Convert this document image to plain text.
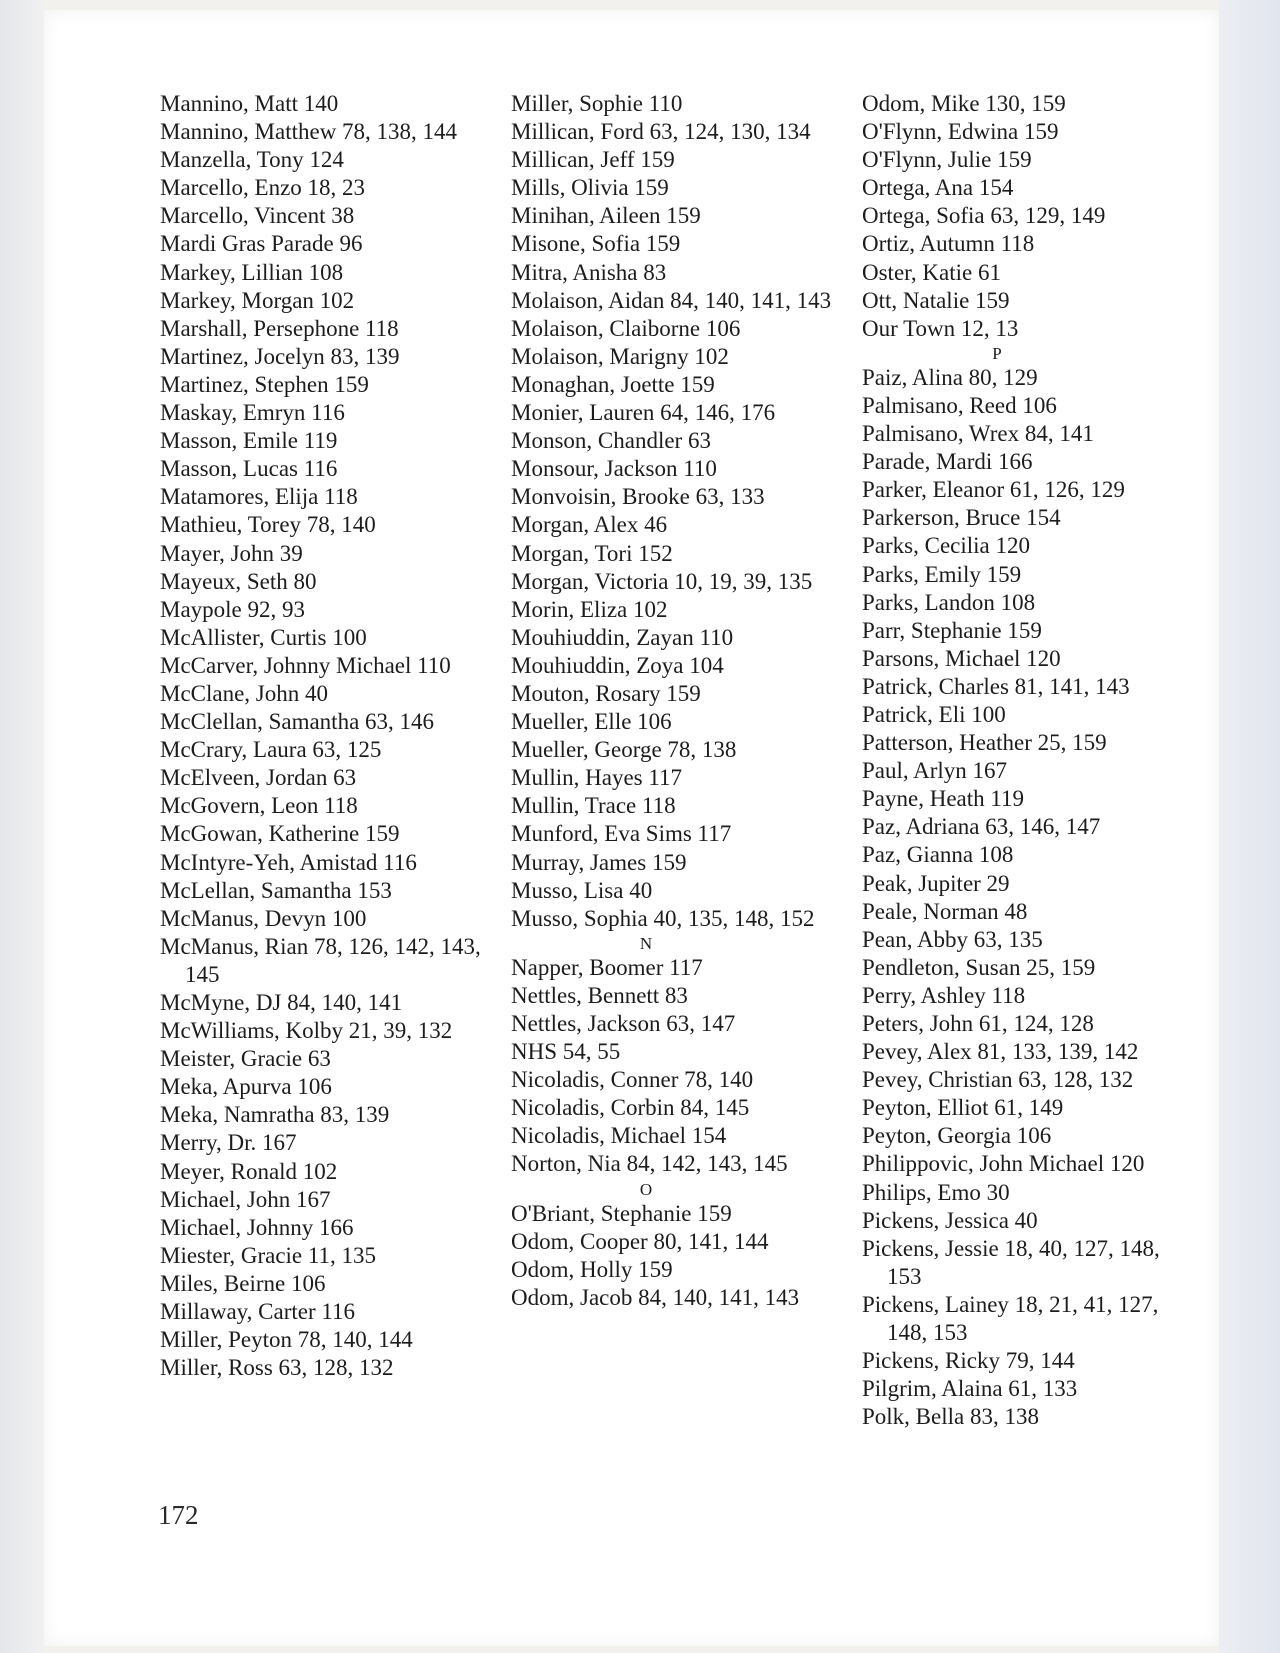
Mannino, Matt 140
Mannino, Matthew 78, 138, 144
Manzella, Tony 124
Marcello, Enzo 18, 23
Marcello, Vincent 38
Mardi Gras Parade 96
Markey, Lillian 108
Markey, Morgan 102
Marshall, Persephone 118
Martinez, Jocelyn 83, 139
Martinez, Stephen 159
Maskay, Emryn 116
Masson, Emile 119
Masson, Lucas 116
Matamores, Elija 118
Mathieu, Torey 78, 140
Mayer, John 39
Mayeux, Seth 80
Maypole 92, 93
McAllister, Curtis 100
McCarver, Johnny Michael 110
McClane, John 40
McClellan, Samantha 63, 146
McCrary, Laura 63, 125
McElveen, Jordan 63
McGovern, Leon 118
McGowan, Katherine 159
McIntyre-Yeh, Amistad 116
McLellan, Samantha 153
McManus, Devyn 100
McManus, Rian 78, 126, 142, 143, 145
McMyne, DJ 84, 140, 141
McWilliams, Kolby 21, 39, 132
Meister, Gracie 63
Meka, Apurva 106
Meka, Namratha 83, 139
Merry, Dr. 167
Meyer, Ronald 102
Michael, John 167
Michael, Johnny 166
Miester, Gracie 11, 135
Miles, Beirne 106
Millaway, Carter 116
Miller, Peyton 78, 140, 144
Miller, Ross 63, 128, 132
Miller, Sophie 110
Millican, Ford 63, 124, 130, 134
Millican, Jeff 159
Mills, Olivia 159
Minihan, Aileen 159
Misone, Sofia 159
Mitra, Anisha 83
Molaison, Aidan 84, 140, 141, 143
Molaison, Claiborne 106
Molaison, Marigny 102
Monaghan, Joette 159
Monier, Lauren 64, 146, 176
Monson, Chandler 63
Monsour, Jackson 110
Monvoisin, Brooke 63, 133
Morgan, Alex 46
Morgan, Tori 152
Morgan, Victoria 10, 19, 39, 135
Morin, Eliza 102
Mouhiuddin, Zayan 110
Mouhiuddin, Zoya 104
Mouton, Rosary 159
Mueller, Elle 106
Mueller, George 78, 138
Mullin, Hayes 117
Mullin, Trace 118
Munford, Eva Sims 117
Murray, James 159
Musso, Lisa 40
Musso, Sophia 40, 135, 148, 152
N
Napper, Boomer 117
Nettles, Bennett 83
Nettles, Jackson 63, 147
NHS 54, 55
Nicoladis, Conner 78, 140
Nicoladis, Corbin 84, 145
Nicoladis, Michael 154
Norton, Nia 84, 142, 143, 145
O
O'Briant, Stephanie 159
Odom, Cooper 80, 141, 144
Odom, Holly 159
Odom, Jacob 84, 140, 141, 143
Odom, Mike 130, 159
O'Flynn, Edwina 159
O'Flynn, Julie 159
Ortega, Ana 154
Ortega, Sofia 63, 129, 149
Ortiz, Autumn 118
Oster, Katie 61
Ott, Natalie 159
Our Town 12, 13
P
Paiz, Alina 80, 129
Palmisano, Reed 106
Palmisano, Wrex 84, 141
Parade, Mardi 166
Parker, Eleanor 61, 126, 129
Parkerson, Bruce 154
Parks, Cecilia 120
Parks, Emily 159
Parks, Landon 108
Parr, Stephanie 159
Parsons, Michael 120
Patrick, Charles 81, 141, 143
Patrick, Eli 100
Patterson, Heather 25, 159
Paul, Arlyn 167
Payne, Heath 119
Paz, Adriana 63, 146, 147
Paz, Gianna 108
Peak, Jupiter 29
Peale, Norman 48
Pean, Abby 63, 135
Pendleton, Susan 25, 159
Perry, Ashley 118
Peters, John 61, 124, 128
Pevey, Alex 81, 133, 139, 142
Pevey, Christian 63, 128, 132
Peyton, Elliot 61, 149
Peyton, Georgia 106
Philippovic, John Michael 120
Philips, Emo 30
Pickens, Jessica 40
Pickens, Jessie 18, 40, 127, 148, 153
Pickens, Lainey 18, 21, 41, 127, 148, 153
Pickens, Ricky 79, 144
Pilgrim, Alaina 61, 133
Polk, Bella 83, 138
172
